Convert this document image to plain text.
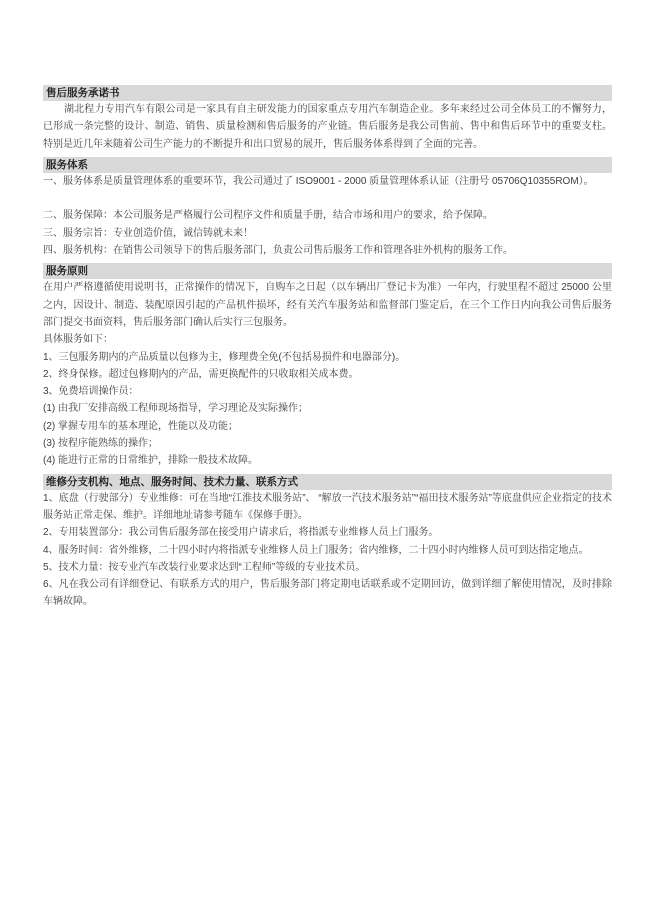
售后服务承诺书

湖北程力专用汽车有限公司是一家具有自主研发能力的国家重点专用汽车制造企业。多年来经过公司全体员工的不懈努力，已形成一条完整的设计、制造、销售、质量检测和售后服务的产业链。售后服务是我公司售前、售中和售后环节中的重要支柱。特别是近几年来随着公司生产能力的不断提升和出口贸易的展开，售后服务体系得到了全面的完善。

服务体系

一、服务体系是质量管理体系的重要环节，我公司通过了 ISO9001 - 2000 质量管理体系认证（注册号 05706Q10355ROM）。

二、服务保障：本公司服务是严格履行公司程序文件和质量手册，结合市场和用户的要求，给予保障。

三、服务宗旨：专业创造价值，诚信铸就未来！

四、服务机构：在销售公司领导下的售后服务部门，负责公司售后服务工作和管理各驻外机构的服务工作。

服务原则

在用户严格遵循使用说明书，正常操作的情况下，自购车之日起（以车辆出厂登记卡为准）一年内，行驶里程不超过 25000 公里之内，因设计、制造、装配原因引起的产品机件损坏，经有关汽车服务站和监督部门鉴定后，在三个工作日内向我公司售后服务部门提交书面资料，售后服务部门确认后实行三包服务。

具体服务如下：

1、三包服务期内的产品质量以包修为主，修理费全免(不包括易损件和电器部分)。

2、终身保修。超过包修期内的产品，需更换配件的只收取相关成本费。

3、免费培训操作员：

(1) 由我厂安排高级工程师现场指导，学习理论及实际操作；

(2) 掌握专用车的基本理论，性能以及功能；

(3) 按程序能熟练的操作；

(4) 能进行正常的日常维护，排除一般技术故障。

维修分支机构、地点、服务时间、技术力量、联系方式

1、底盘（行驶部分）专业维修：可在当地“江淮技术服务站”、 “解放一汽技术服务站”“福田技术服务站”等底盘供应企业指定的技术服务站正常走保、维护。详细地址请参考随车《保修手册》。

2、专用装置部分：我公司售后服务部在接受用户请求后，将指派专业维修人员上门服务。

4、服务时间：省外维修，二十四小时内将指派专业维修人员上门服务；省内维修，二十四小时内维修人员可到达指定地点。

5、技术力量：按专业汽车改装行业要求达到“工程师”等级的专业技术员。

6、凡在我公司有详细登记、有联系方式的用户，售后服务部门将定期电话联系或不定期回访，做到详细了解使用情况，及时排除车辆故障。
